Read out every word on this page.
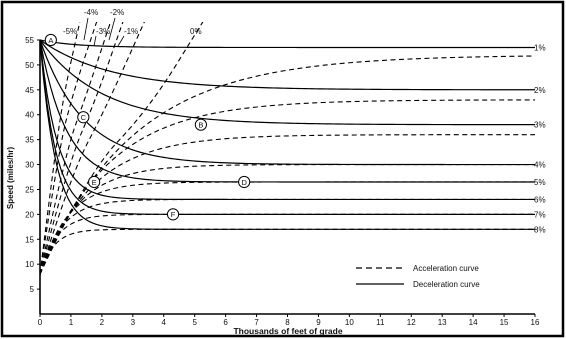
0	1	2	3	4	5	6	7	8	9	10	11	12	13	14	15	16
5
10
15
20
25
30
35
40
45
50
55
1%
2%
3%
4%
5%
6%
7%
8%
-4% -2%
-5% -3% -1%	0%
A
B
C
D
E
F
Speed (miles/hr)
Thousands of feet of grade
Acceleration curve
Deceleration curve
